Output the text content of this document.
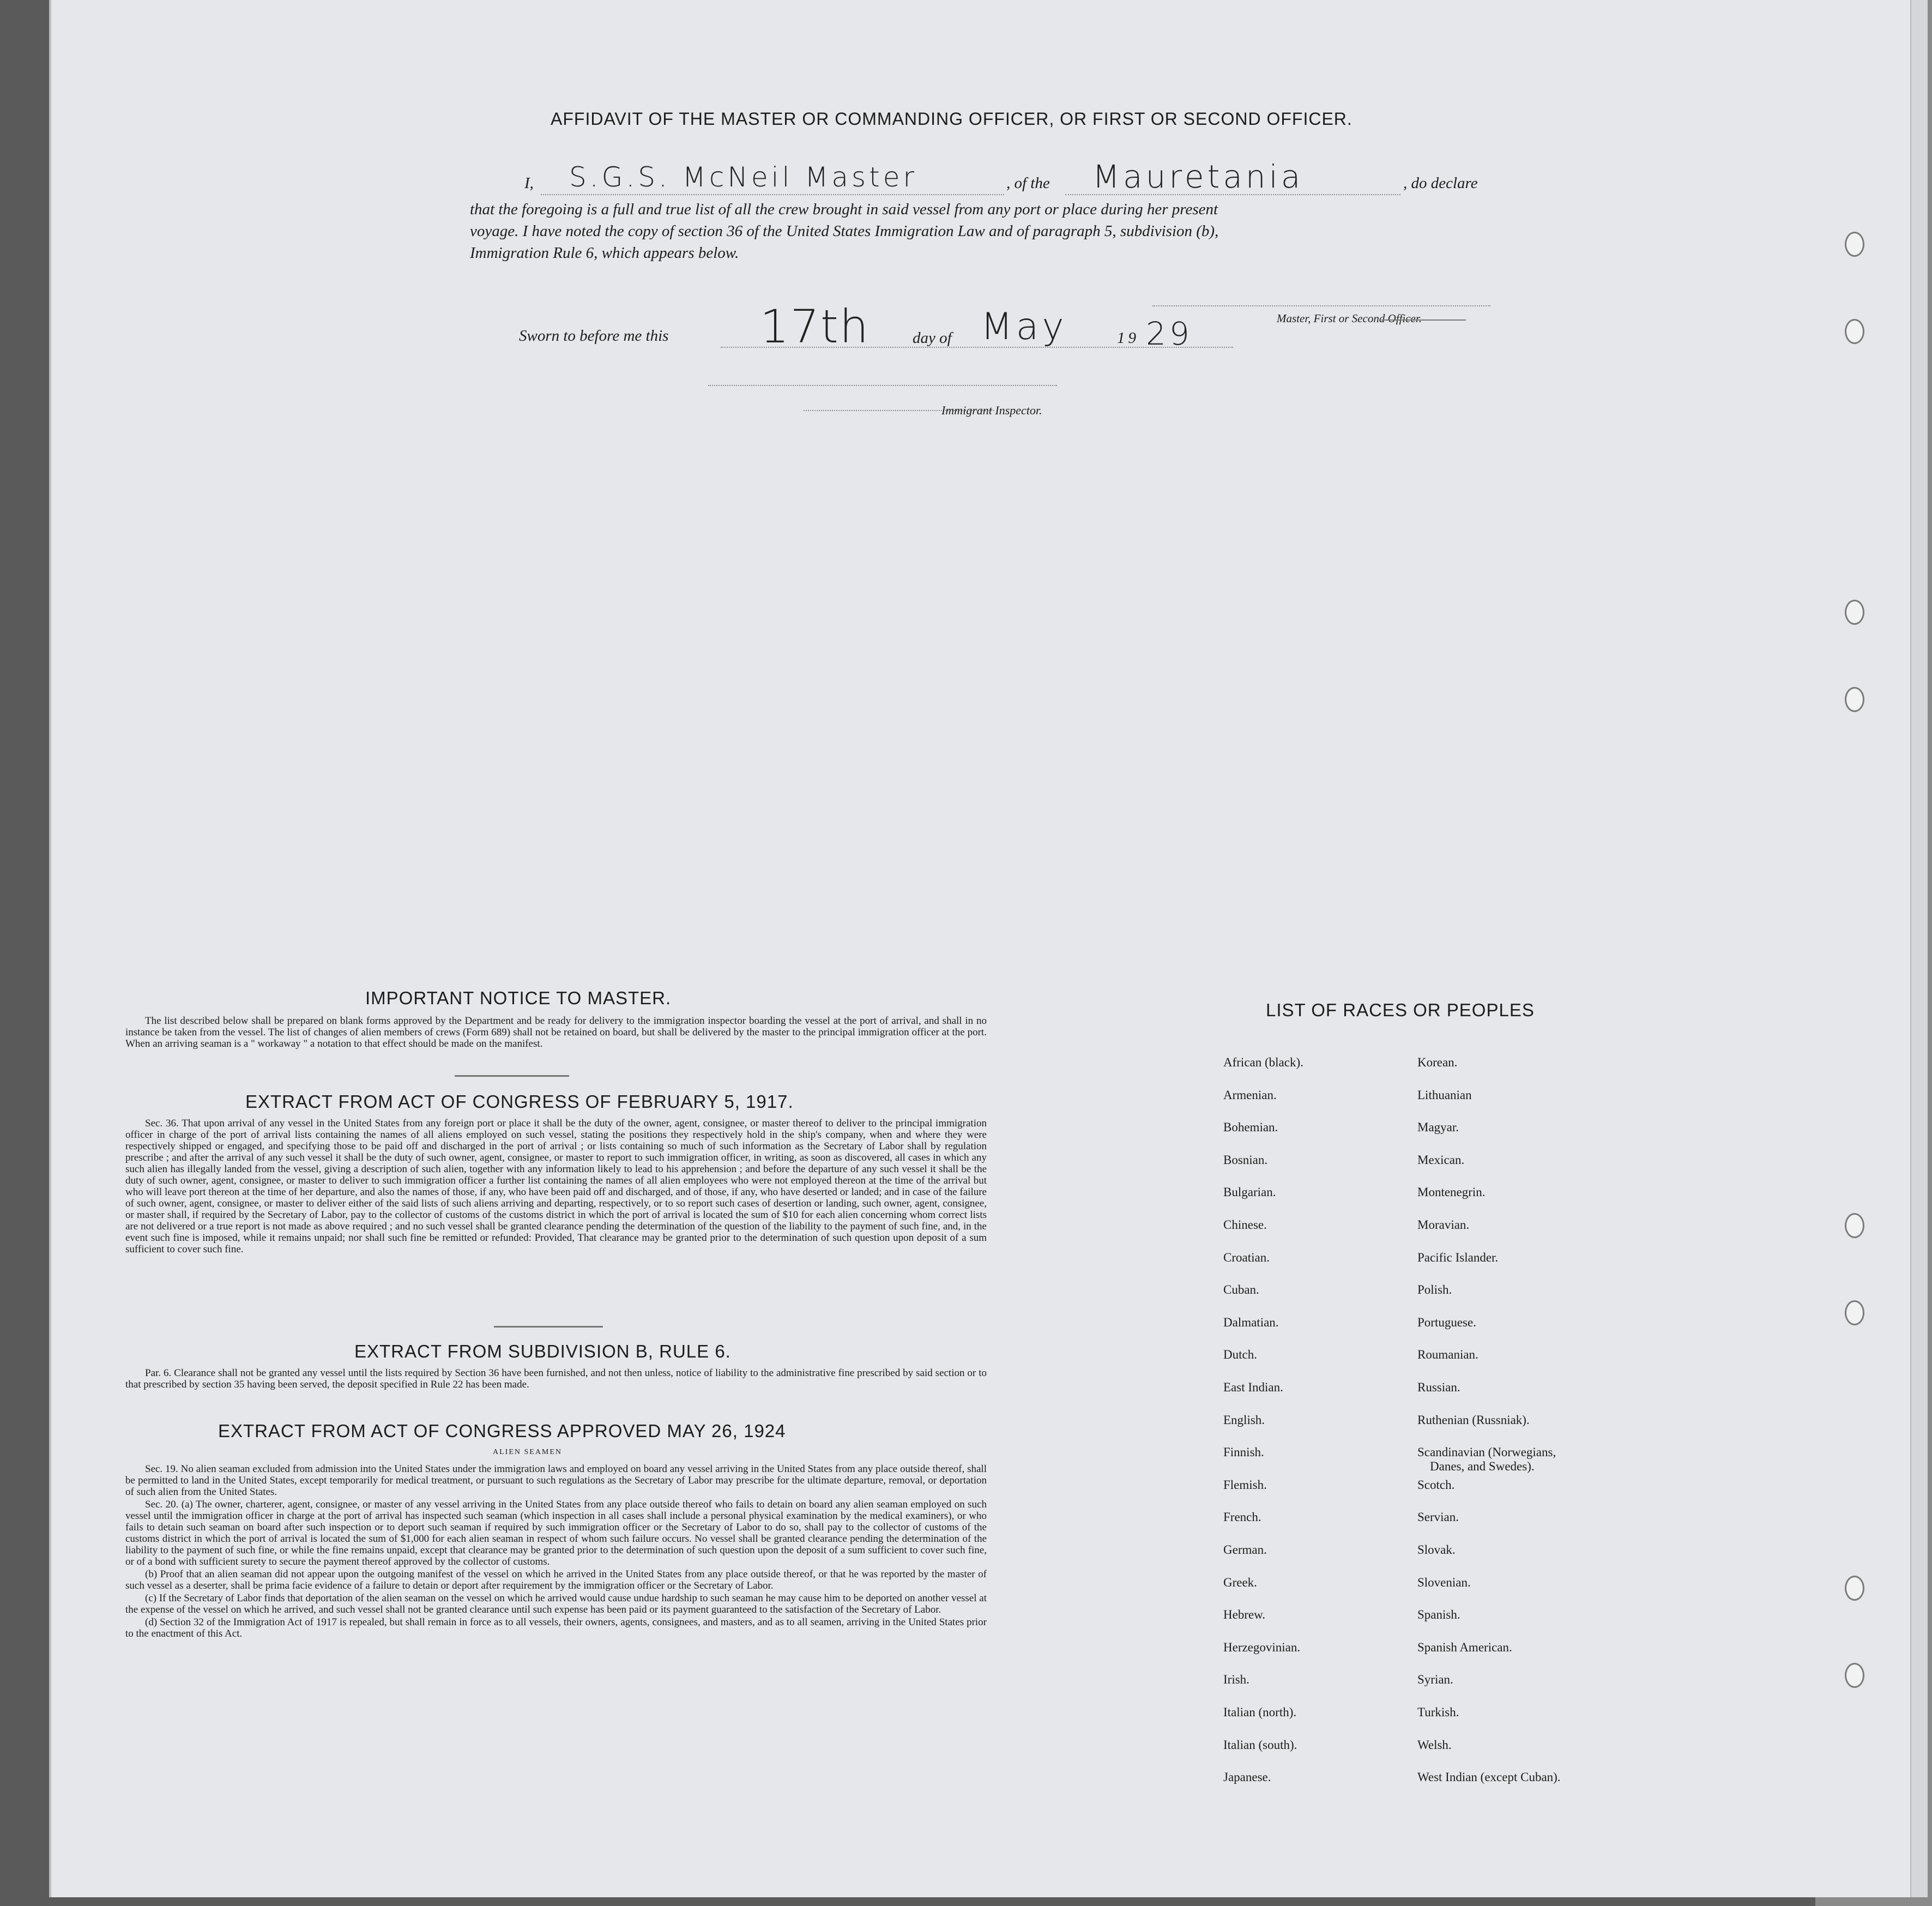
AFFIDAVIT OF THE MASTER OR COMMANDING OFFICER, OR FIRST OR SECOND OFFICER.
I, S.G.S. McNeil Master	, of the Mauretania	, do declare
that the foregoing is a full and true list of all the crew brought in said vessel from any port or place during her present
voyage. I have noted the copy of section 36 of the United States Immigration Law and of paragraph 5, subdivision (b),
Immigration Rule 6, which appears below.
Master, First or Second Officer.
Sworn to before me this 17th	day of May	19 29
Immigrant Inspector.
IMPORTANT NOTICE TO MASTER.

The list described below shall be prepared on blank forms approved by the Department and be ready for delivery to the immigration inspector boarding the vessel at the port of arrival, and shall in no instance be taken from the vessel. The list of changes of alien members of crews (Form 689) shall not be retained on board, but shall be delivered by the master to the principal immigration officer at the port. When an arriving seaman is a " workaway " a notation to that effect should be made on the manifest.

EXTRACT FROM ACT OF CONGRESS OF FEBRUARY 5, 1917.

Sec. 36. That upon arrival of any vessel in the United States from any foreign port or place it shall be the duty of the owner, agent, consignee, or master thereof to deliver to the principal immigration officer in charge of the port of arrival lists containing the names of all aliens employed on such vessel, stating the positions they respectively hold in the ship's company, when and where they were respectively shipped or engaged, and specifying those to be paid off and discharged in the port of arrival ; or lists containing so much of such information as the Secretary of Labor shall by regulation prescribe ; and after the arrival of any such vessel it shall be the duty of such owner, agent, consignee, or master to report to such immigration officer, in writing, as soon as discovered, all cases in which any such alien has illegally landed from the vessel, giving a description of such alien, together with any information likely to lead to his apprehension ; and before the departure of any such vessel it shall be the duty of such owner, agent, consignee, or master to deliver to such immigration officer a further list containing the names of all alien employees who were not employed thereon at the time of the arrival but who will leave port thereon at the time of her departure, and also the names of those, if any, who have been paid off and discharged, and of those, if any, who have deserted or landed; and in case of the failure of such owner, agent, consignee, or master to deliver either of the said lists of such aliens arriving and departing, respectively, or to so report such cases of desertion or landing, such owner, agent, consignee, or master shall, if required by the Secretary of Labor, pay to the collector of customs of the customs district in which the port of arrival is located the sum of $10 for each alien concerning whom correct lists are not delivered or a true report is not made as above required ; and no such vessel shall be granted clearance pending the determination of the question of the liability to the payment of such fine, and, in the event such fine is imposed, while it remains unpaid; nor shall such fine be remitted or refunded: Provided, That clearance may be granted prior to the determination of such question upon deposit of a sum sufficient to cover such fine.

EXTRACT FROM SUBDIVISION B, RULE 6.

Par. 6. Clearance shall not be granted any vessel until the lists required by Section 36 have been furnished, and not then unless, notice of liability to the administrative fine prescribed by said section or to that prescribed by section 35 having been served, the deposit specified in Rule 22 has been made.

EXTRACT FROM ACT OF CONGRESS APPROVED MAY 26, 1924
ALIEN SEAMEN

Sec. 19. No alien seaman excluded from admission into the United States under the immigration laws and employed on board any vessel arriving in the United States from any place outside thereof, shall be permitted to land in the United States, except temporarily for medical treatment, or pursuant to such regulations as the Secretary of Labor may prescribe for the ultimate departure, removal, or deportation of such alien from the United States.

Sec. 20. (a) The owner, charterer, agent, consignee, or master of any vessel arriving in the United States from any place outside thereof who fails to detain on board any alien seaman employed on such vessel until the immigration officer in charge at the port of arrival has inspected such seaman (which inspection in all cases shall include a personal physical examination by the medical examiners), or who fails to detain such seaman on board after such inspection or to deport such seaman if required by such immigration officer or the Secretary of Labor to do so, shall pay to the collector of customs of the customs district in which the port of arrival is located the sum of $1,000 for each alien seaman in respect of whom such failure occurs. No vessel shall be granted clearance pending the determination of the liability to the payment of such fine, or while the fine remains unpaid, except that clearance may be granted prior to the determination of such question upon the deposit of a sum sufficient to cover such fine, or of a bond with sufficient surety to secure the payment thereof approved by the collector of customs.

(b) Proof that an alien seaman did not appear upon the outgoing manifest of the vessel on which he arrived in the United States from any place outside thereof, or that he was reported by the master of such vessel as a deserter, shall be prima facie evidence of a failure to detain or deport after requirement by the immigration officer or the Secretary of Labor.

(c) If the Secretary of Labor finds that deportation of the alien seaman on the vessel on which he arrived would cause undue hardship to such seaman he may cause him to be deported on another vessel at the expense of the vessel on which he arrived, and such vessel shall not be granted clearance until such expense has been paid or its payment guaranteed to the satisfaction of the Secretary of Labor.

(d) Section 32 of the Immigration Act of 1917 is repealed, but shall remain in force as to all vessels, their owners, agents, consignees, and masters, and as to all seamen, arriving in the United States prior to the enactment of this Act.

LIST OF RACES OR PEOPLES
African (black).
Armenian.
Bohemian.
Bosnian.
Bulgarian.
Chinese.
Croatian.
Cuban.
Dalmatian.
Dutch.
East Indian.
English.
Finnish.
Flemish.
French.
German.
Greek.
Hebrew.
Herzegovinian.
Irish.
Italian (north).
Italian (south).
Japanese.
Korean.
Lithuanian
Magyar.
Mexican.
Montenegrin.
Moravian.
Pacific Islander.
Polish.
Portuguese.
Roumanian.
Russian.
Ruthenian (Russniak).
Scandinavian (Norwegians,
Danes, and Swedes).
Scotch.
Servian.
Slovak.
Slovenian.
Spanish.
Spanish American.
Syrian.
Turkish.
Welsh.
West Indian (except Cuban).
